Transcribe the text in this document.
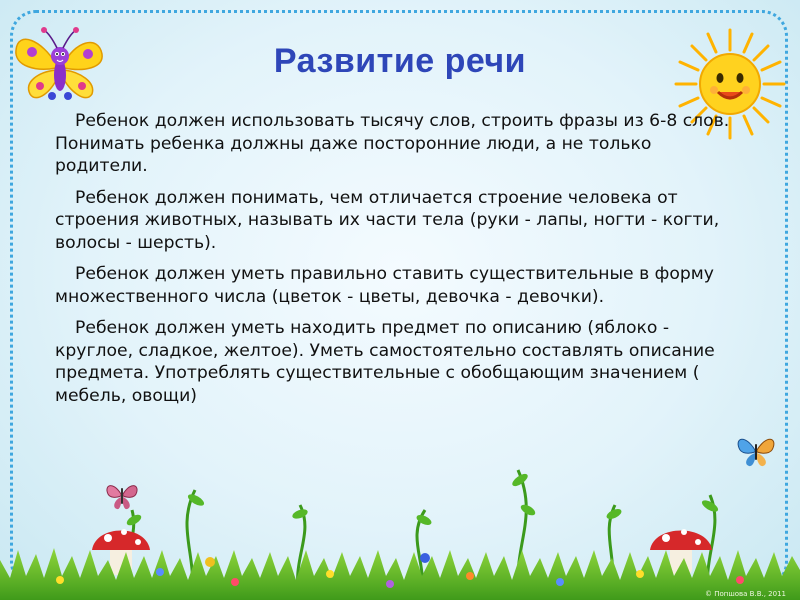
Развитие речи

Ребенок должен использовать тысячу слов, строить фразы из 6-8 слов. Понимать ребенка должны даже посторонние люди, а не только родители.

Ребенок должен понимать, чем отличается строение человека от строения животных, называть их части тела (руки - лапы, ногти - когти, волосы - шерсть).

Ребенок должен уметь правильно ставить существительные в форму множественного числа (цветок - цветы, девочка - девочки).

Ребенок должен уметь находить предмет по описанию (яблоко - круглое, сладкое, желтое). Уметь самостоятельно составлять описание предмета. Употреблять существительные с обобщающим значением ( мебель, овощи)

© Попшова В.В., 2011
